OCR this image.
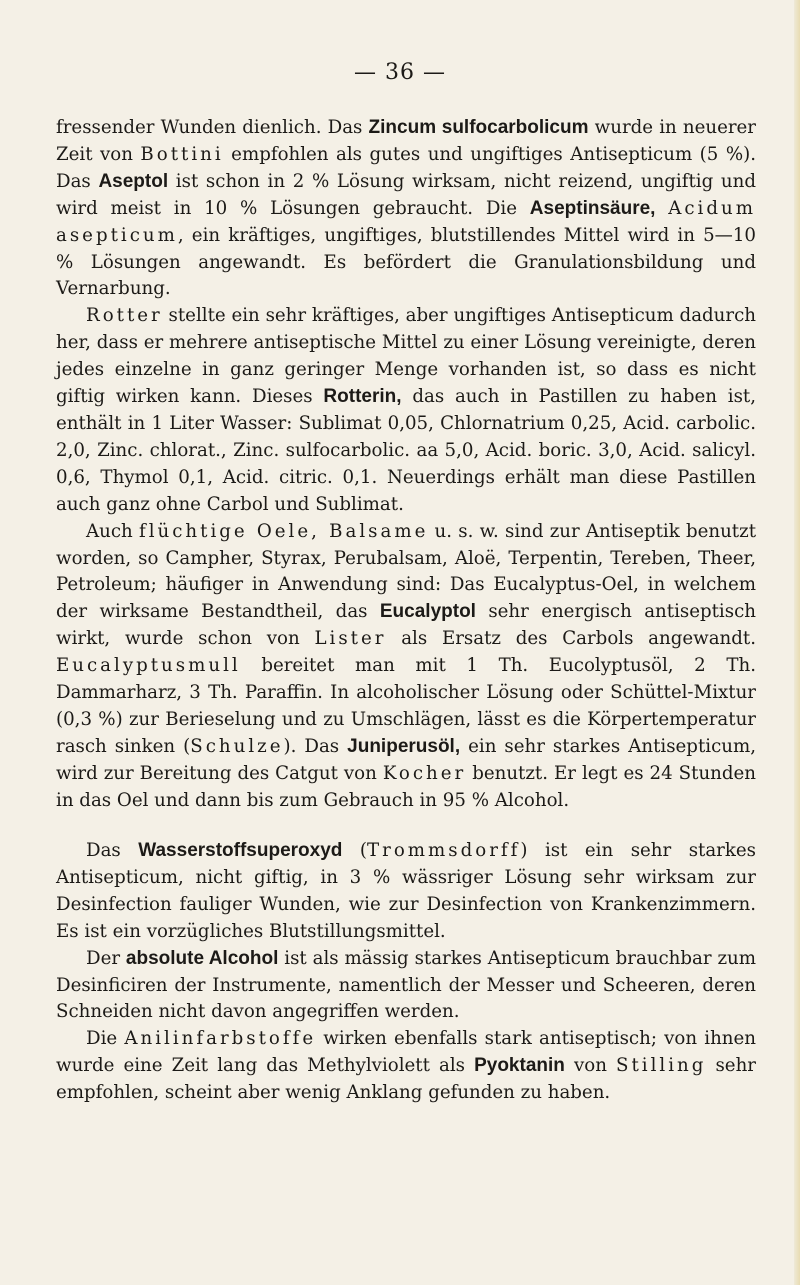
— 36 —

fressender Wunden dienlich. Das Zincum sulfocarbolicum wurde in neuerer Zeit von Bottini empfohlen als gutes und ungiftiges Antisepticum (5 %). Das Aseptol ist schon in 2 % Lösung wirksam, nicht reizend, ungiftig und wird meist in 10 % Lösungen gebraucht. Die Aseptinsäure, Acidum asepticum, ein kräftiges, ungiftiges, blutstillendes Mittel wird in 5—10 % Lösungen angewandt. Es befördert die Granulationsbildung und Vernarbung.

Rotter stellte ein sehr kräftiges, aber ungiftiges Antisepticum dadurch her, dass er mehrere antiseptische Mittel zu einer Lösung vereinigte, deren jedes einzelne in ganz geringer Menge vorhanden ist, so dass es nicht giftig wirken kann. Dieses Rotterin, das auch in Pastillen zu haben ist, enthält in 1 Liter Wasser: Sublimat 0,05, Chlornatrium 0,25, Acid. carbolic. 2,0, Zinc. chlorat., Zinc. sulfocarbolic. aa 5,0, Acid. boric. 3,0, Acid. salicyl. 0,6, Thymol 0,1, Acid. citric. 0,1. Neuerdings erhält man diese Pastillen auch ganz ohne Carbol und Sublimat.

Auch flüchtige Oele, Balsame u. s. w. sind zur Antiseptik benutzt worden, so Campher, Styrax, Perubalsam, Aloë, Terpentin, Tereben, Theer, Petroleum; häufiger in Anwendung sind: Das Eucalyptus-Oel, in welchem der wirksame Bestandtheil, das Eucalyptol sehr energisch antiseptisch wirkt, wurde schon von Lister als Ersatz des Carbols angewandt. Eucalyptusmull bereitet man mit 1 Th. Eucolyptusöl, 2 Th. Dammarharz, 3 Th. Paraffin. In alcoholischer Lösung oder Schüttel-Mixtur (0,3 %) zur Berieselung und zu Umschlägen, lässt es die Körpertemperatur rasch sinken (Schulze). Das Juniperusöl, ein sehr starkes Antisepticum, wird zur Bereitung des Catgut von Kocher benutzt. Er legt es 24 Stunden in das Oel und dann bis zum Gebrauch in 95 % Alcohol.

Das Wasserstoffsuperoxyd (Trommsdorff) ist ein sehr starkes Antisepticum, nicht giftig, in 3 % wässriger Lösung sehr wirksam zur Desinfection fauliger Wunden, wie zur Desinfection von Krankenzimmern. Es ist ein vorzügliches Blutstillungsmittel.

Der absolute Alcohol ist als mässig starkes Antisepticum brauchbar zum Desinficiren der Instrumente, namentlich der Messer und Scheeren, deren Schneiden nicht davon angegriffen werden.

Die Anilinfarbstoffe wirken ebenfalls stark antiseptisch; von ihnen wurde eine Zeit lang das Methylviolett als Pyoktanin von Stilling sehr empfohlen, scheint aber wenig Anklang gefunden zu haben.
